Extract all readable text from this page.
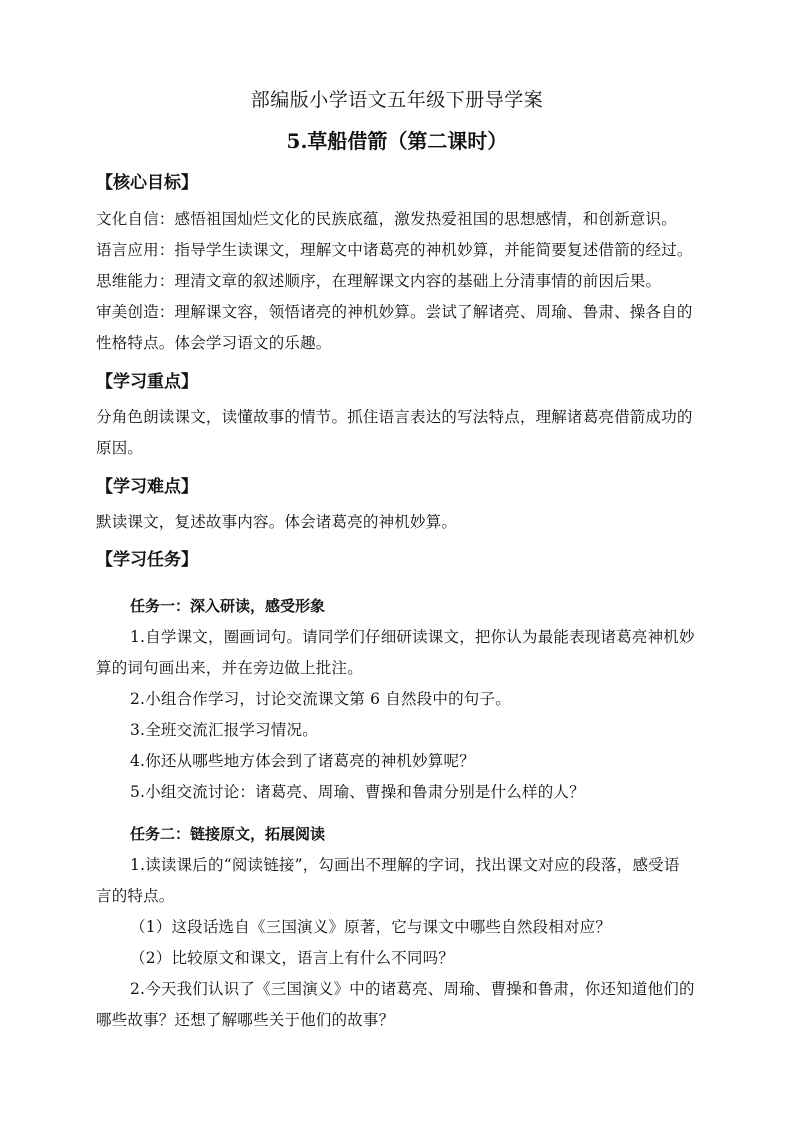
部编版小学语文五年级下册导学案
5.草船借箭（第二课时）
【核心目标】
文化自信：感悟祖国灿烂文化的民族底蕴，激发热爱祖国的思想感情，和创新意识。
语言应用：指导学生读课文，理解文中诸葛亮的神机妙算，并能简要复述借箭的经过。
思维能力：理清文章的叙述顺序，在理解课文内容的基础上分清事情的前因后果。
审美创造：理解课文容，领悟诸亮的神机妙算。尝试了解诸亮、周瑜、鲁肃、操各自的
性格特点。体会学习语文的乐趣。
【学习重点】
分角色朗读课文，读懂故事的情节。抓住语言表达的写法特点，理解诸葛亮借箭成功的
原因。
【学习难点】
默读课文，复述故事内容。体会诸葛亮的神机妙算。
【学习任务】
任务一：深入研读，感受形象
1.自学课文，圈画词句。请同学们仔细研读课文，把你认为最能表现诸葛亮神机妙
算的词句画出来，并在旁边做上批注。
2.小组合作学习，讨论交流课文第 6 自然段中的句子。
3.全班交流汇报学习情况。
4.你还从哪些地方体会到了诸葛亮的神机妙算呢？
5.小组交流讨论：诸葛亮、周瑜、曹操和鲁肃分别是什么样的人？
任务二：链接原文，拓展阅读
1.读读课后的“阅读链接”，勾画出不理解的字词，找出课文对应的段落，感受语
言的特点。
（1）这段话选自《三国演义》原著，它与课文中哪些自然段相对应？
（2）比较原文和课文，语言上有什么不同吗？
2.今天我们认识了《三国演义》中的诸葛亮、周瑜、曹操和鲁肃，你还知道他们的
哪些故事？还想了解哪些关于他们的故事？
